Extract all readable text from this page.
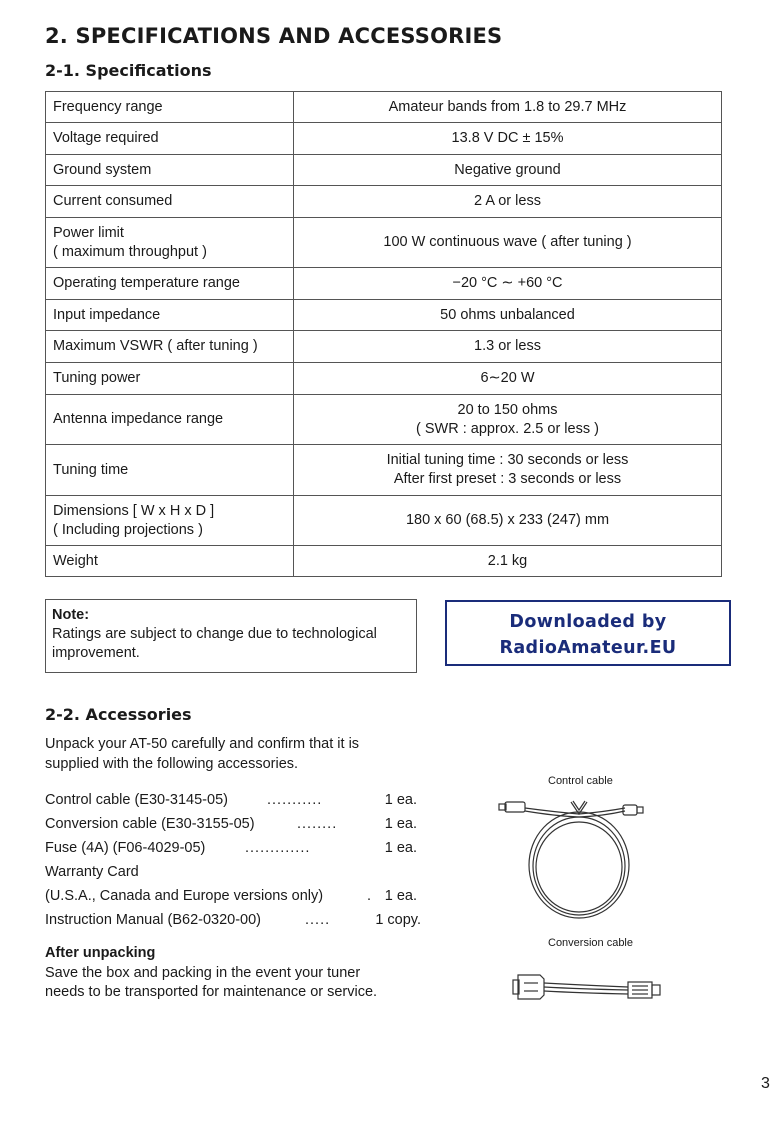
2. SPECIFICATIONS AND ACCESSORIES
2-1. Specifications
Frequency range	Amateur bands from 1.8 to 29.7 MHz

Voltage required	13.8 V DC ± 15%

Ground system	Negative ground

Current consumed	2 A or less

Power limit
( maximum throughput )	100 W continuous wave ( after tuning )

Operating temperature range	−20 °C ∼ +60 °C

Input impedance	50 ohms unbalanced

Maximum VSWR ( after tuning )	1.3 or less

Tuning power	6∼20 W

Antenna impedance range	20 to 150 ohms
( SWR : approx. 2.5 or less )

Tuning time	Initial tuning time : 30 seconds or less
After first preset : 3 seconds or less

Dimensions [ W x H x D ]
( Including projections )	180 x 60 (68.5) x 233 (247) mm

Weight	2.1 kg
Note:
Ratings are subject to change due to technological
improvement.
Downloaded by
RadioAmateur.EU
2-2. Accessories
Unpack your AT-50 carefully and confirm that it is
supplied with the following accessories.
Control cable (E30-3145-05)	...........	1 ea.
Conversion cable (E30-3155-05)	........	1 ea.
Fuse (4A) (F06-4029-05)	.............	1 ea.
Warranty Card
(U.S.A., Canada and Europe versions only)	. 1 ea.
Instruction Manual (B62-0320-00)	.....	1 copy.
After unpacking
Save the box and packing in the event your tuner
needs to be transported for maintenance or service.
Control cable
Conversion cable
3
